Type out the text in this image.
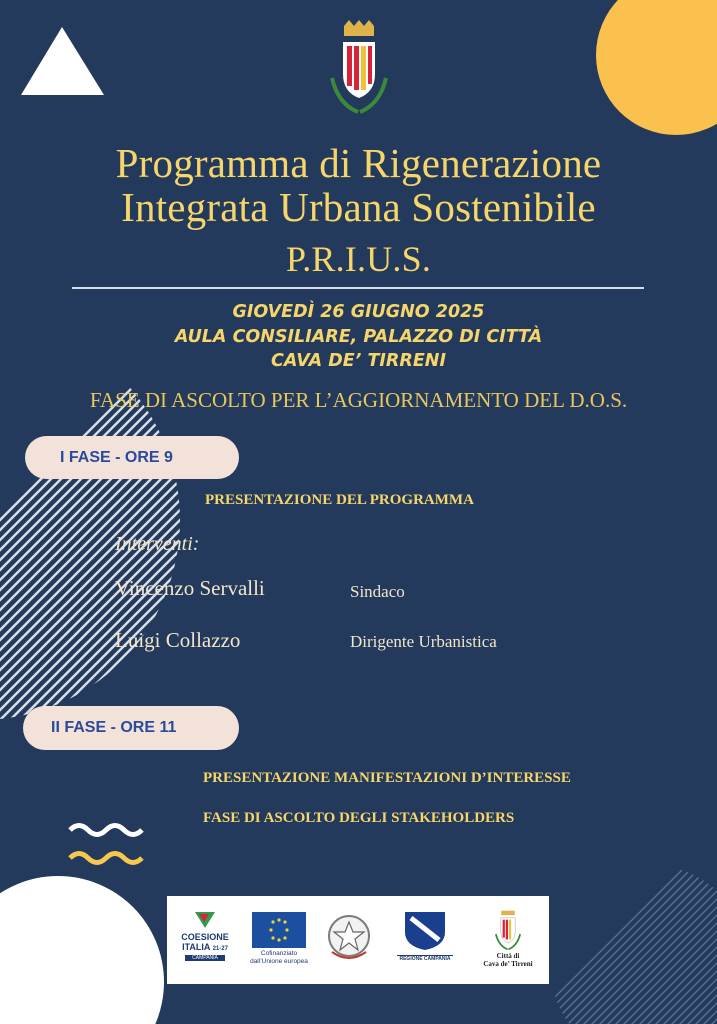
Programma di Rigenerazione
Integrata Urbana Sostenibile
P.R.I.U.S.
GIOVEDÌ 26 GIUGNO 2025
AULA CONSILIARE, PALAZZO DI CITTÀ
CAVA DE’ TIRRENI
FASE DI ASCOLTO PER L’AGGIORNAMENTO DEL D.O.S.
I FASE - ORE 9
PRESENTAZIONE DEL PROGRAMMA
Interventi:
Vincenzo Servalli	Sindaco
Luigi Collazzo	Dirigente Urbanistica
II FASE - ORE 11
PRESENTAZIONE MANIFESTAZIONI D’INTERESSE
FASE DI ASCOLTO DEGLI STAKEHOLDERS
COESIONE
ITALIA 21-27
CAMPANIA
Cofinanziato
dall’Unione europea	REGIONE CAMPANIA	Città di
Cava de’ Tirreni
